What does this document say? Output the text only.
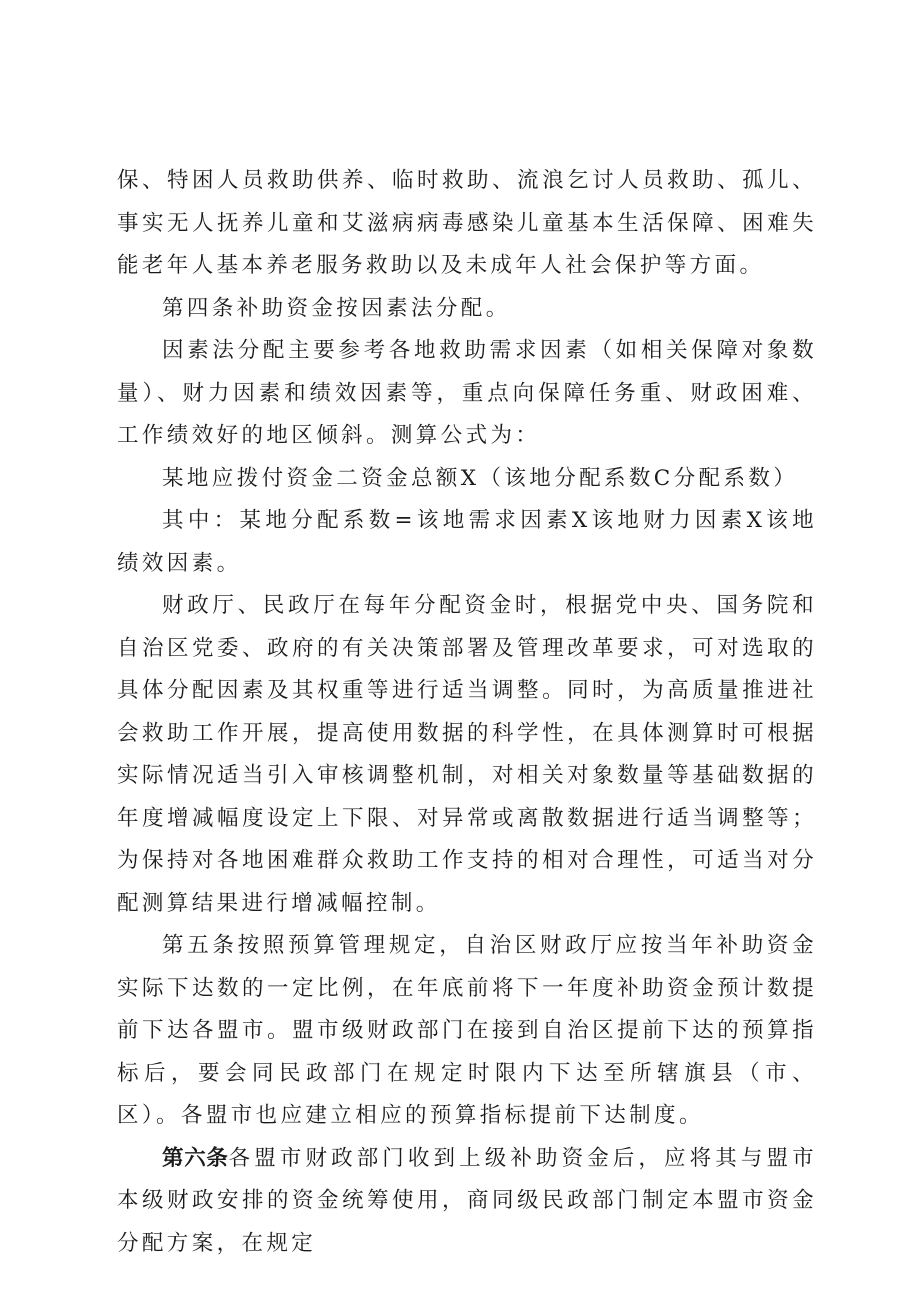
保、特困人员救助供养、临时救助、流浪乞讨人员救助、孤儿、事实无人抚养儿童和艾滋病病毒感染儿童基本生活保障、困难失能老年人基本养老服务救助以及未成年人社会保护等方面。

第四条补助资金按因素法分配。

因素法分配主要参考各地救助需求因素（如相关保障对象数量）、财力因素和绩效因素等，重点向保障任务重、财政困难、工作绩效好的地区倾斜。测算公式为：

某地应拨付资金二资金总额X（该地分配系数C分配系数）

其中：某地分配系数=该地需求因素X该地财力因素X该地绩效因素。

财政厅、民政厅在每年分配资金时，根据党中央、国务院和自治区党委、政府的有关决策部署及管理改革要求，可对选取的具体分配因素及其权重等进行适当调整。同时，为高质量推进社会救助工作开展，提高使用数据的科学性，在具体测算时可根据实际情况适当引入审核调整机制，对相关对象数量等基础数据的年度增减幅度设定上下限、对异常或离散数据进行适当调整等；为保持对各地困难群众救助工作支持的相对合理性，可适当对分配测算结果进行增减幅控制。

第五条按照预算管理规定，自治区财政厅应按当年补助资金实际下达数的一定比例，在年底前将下一年度补助资金预计数提前下达各盟市。盟市级财政部门在接到自治区提前下达的预算指标后，要会同民政部门在规定时限内下达至所辖旗县（市、区）。各盟市也应建立相应的预算指标提前下达制度。

第六条各盟市财政部门收到上级补助资金后，应将其与盟市本级财政安排的资金统筹使用，商同级民政部门制定本盟市资金分配方案，在规定
